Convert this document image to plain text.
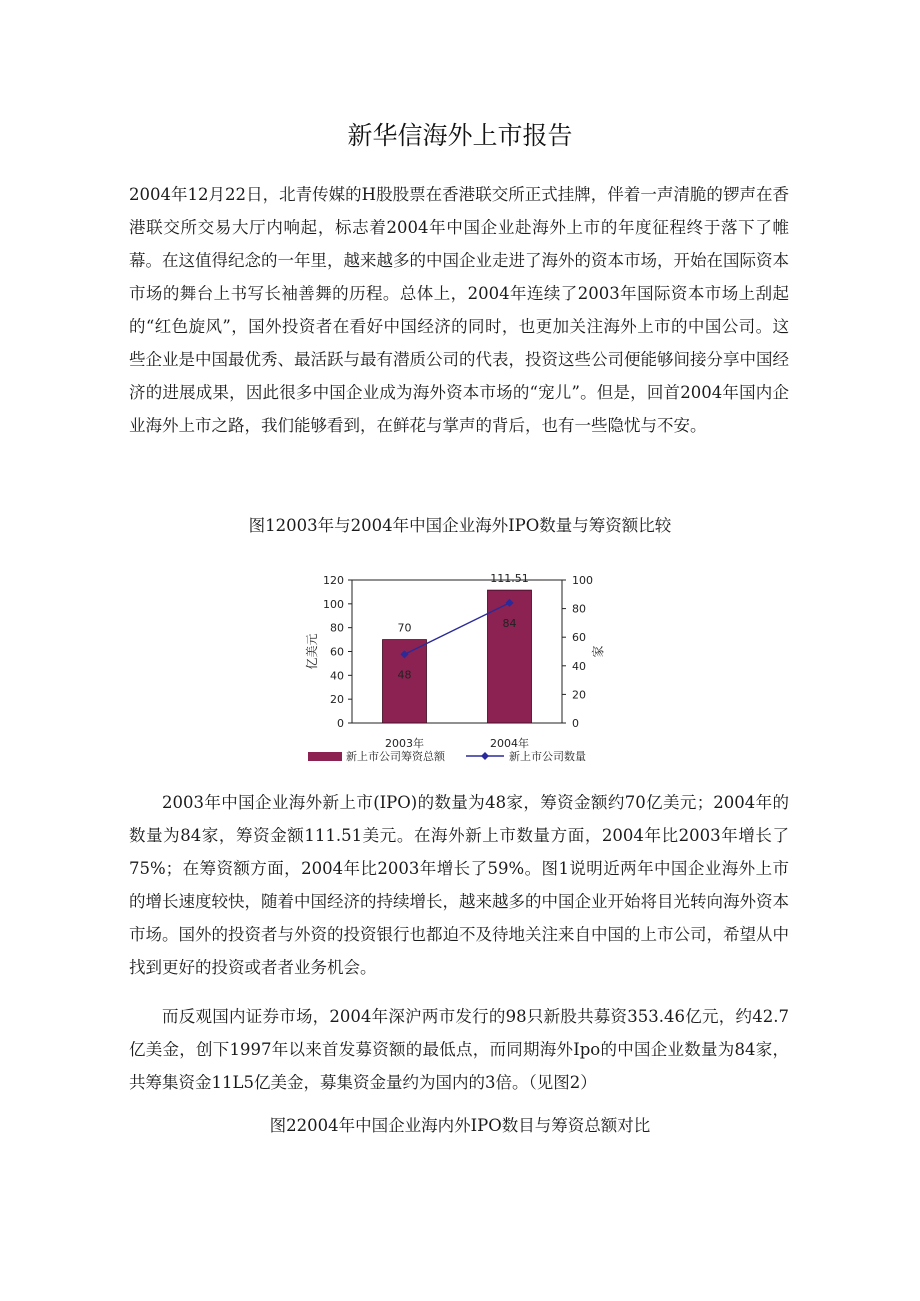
新华信海外上市报告

2004年12月22日，北青传媒的H股股票在香港联交所正式挂牌，伴着一声清脆的锣声在香港联交所交易大厅内响起，标志着2004年中国企业赴海外上市的年度征程终于落下了帷幕。在这值得纪念的一年里，越来越多的中国企业走进了海外的资本市场，开始在国际资本市场的舞台上书写长袖善舞的历程。总体上，2004年连续了2003年国际资本市场上刮起的“红色旋风”，国外投资者在看好中国经济的同时，也更加关注海外上市的中国公司。这些企业是中国最优秀、最活跃与最有潜质公司的代表，投资这些公司便能够间接分享中国经济的进展成果，因此很多中国企业成为海外资本市场的“宠儿”。但是，回首2004年国内企业海外上市之路，我们能够看到，在鲜花与掌声的背后，也有一些隐忧与不安。

图12003年与2004年中国企业海外IPO数量与筹资额比较
70
111.51
48
84
0
20
40
60
80
100
120
0
20
40
60
80
100
亿美元	家
2003年	2004年
新上市公司筹资总额	新上市公司数量

2003年中国企业海外新上市(IPO)的数量为48家，筹资金额约70亿美元；2004年的数量为84家，筹资金额111.51美元。在海外新上市数量方面，2004年比2003年增长了75%；在筹资额方面，2004年比2003年增长了59%。图1说明近两年中国企业海外上市的增长速度较快，随着中国经济的持续增长，越来越多的中国企业开始将目光转向海外资本市场。国外的投资者与外资的投资银行也都迫不及待地关注来自中国的上市公司，希望从中找到更好的投资或者者业务机会。

而反观国内证券市场，2004年深沪两市发行的98只新股共募资353.46亿元，约42.7亿美金，创下1997年以来首发募资额的最低点，而同期海外Ipo的中国企业数量为84家，共筹集资金11L5亿美金，募集资金量约为国内的3倍。（见图2）

图22004年中国企业海内外IPO数目与筹资总额对比
